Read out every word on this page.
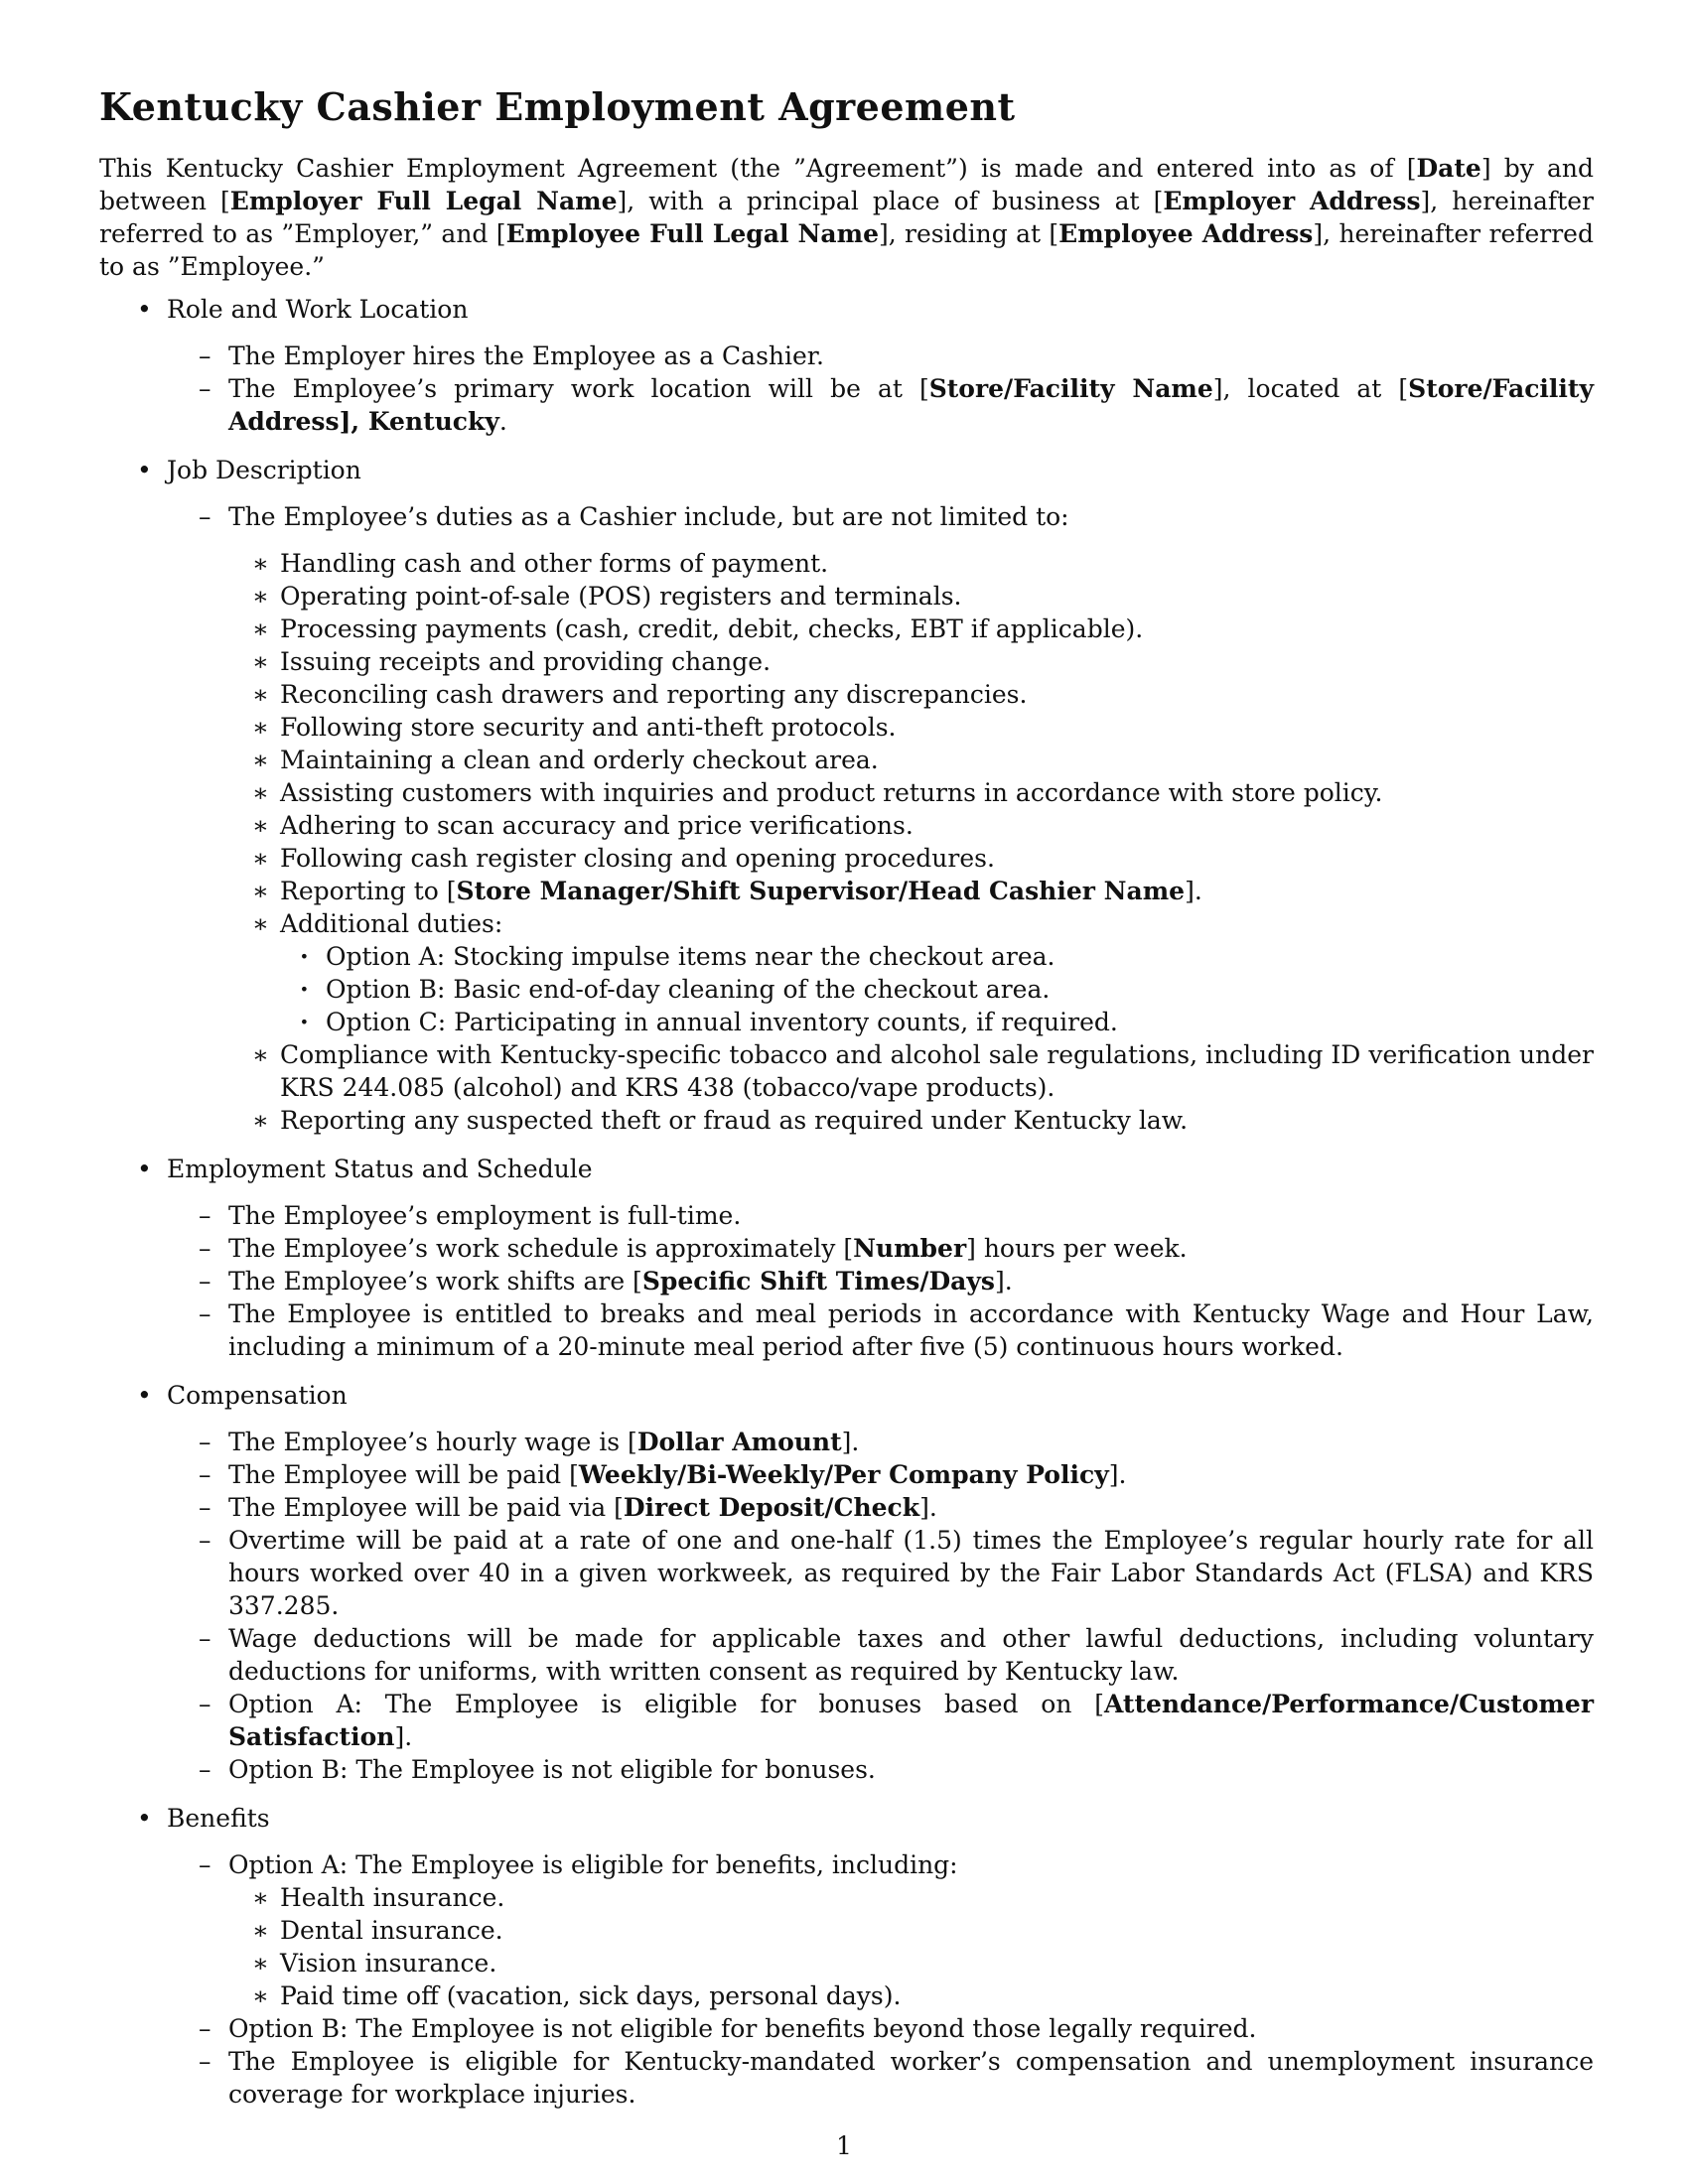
Kentucky Cashier Employment Agreement

This Kentucky Cashier Employment Agreement (the ”Agreement”) is made and entered into as of [Date] by and between [Employer Full Legal Name], with a principal place of business at [Employer Address], hereinafter referred to as ”Employer,” and [Employee Full Legal Name], residing at [Employee Address], hereinafter referred to as ”Employee.”

• Role and Work Location
– The Employer hires the Employee as a Cashier.
– The Employee’s primary work location will be at [Store/Facility Name], located at [Store/Facility Address], Kentucky.
• Job Description
– The Employee’s duties as a Cashier include, but are not limited to:
∗ Handling cash and other forms of payment.
∗ Operating point-of-sale (POS) registers and terminals.
∗ Processing payments (cash, credit, debit, checks, EBT if applicable).
∗ Issuing receipts and providing change.
∗ Reconciling cash drawers and reporting any discrepancies.
∗ Following store security and anti-theft protocols.
∗ Maintaining a clean and orderly checkout area.
∗ Assisting customers with inquiries and product returns in accordance with store policy.
∗ Adhering to scan accuracy and price verifications.
∗ Following cash register closing and opening procedures.
∗ Reporting to [Store Manager/Shift Supervisor/Head Cashier Name].
∗ Additional duties:
· Option A: Stocking impulse items near the checkout area.
· Option B: Basic end-of-day cleaning of the checkout area.
· Option C: Participating in annual inventory counts, if required.
∗ Compliance with Kentucky-specific tobacco and alcohol sale regulations, including ID verification under KRS 244.085 (alcohol) and KRS 438 (tobacco/vape products).
∗ Reporting any suspected theft or fraud as required under Kentucky law.
• Employment Status and Schedule
– The Employee’s employment is full-time.
– The Employee’s work schedule is approximately [Number] hours per week.
– The Employee’s work shifts are [Specific Shift Times/Days].
– The Employee is entitled to breaks and meal periods in accordance with Kentucky Wage and Hour Law, including a minimum of a 20-minute meal period after five (5) continuous hours worked.
• Compensation
– The Employee’s hourly wage is [Dollar Amount].
– The Employee will be paid [Weekly/Bi-Weekly/Per Company Policy].
– The Employee will be paid via [Direct Deposit/Check].
– Overtime will be paid at a rate of one and one-half (1.5) times the Employee’s regular hourly rate for all hours worked over 40 in a given workweek, as required by the Fair Labor Standards Act (FLSA) and KRS 337.285.
– Wage deductions will be made for applicable taxes and other lawful deductions, including voluntary deductions for uniforms, with written consent as required by Kentucky law.
– Option A: The Employee is eligible for bonuses based on [Attendance/Performance/Customer Satisfaction].
– Option B: The Employee is not eligible for bonuses.
• Benefits
– Option A: The Employee is eligible for benefits, including:
∗ Health insurance.
∗ Dental insurance.
∗ Vision insurance.
∗ Paid time off (vacation, sick days, personal days).
– Option B: The Employee is not eligible for benefits beyond those legally required.
– The Employee is eligible for Kentucky-mandated worker’s compensation and unemployment insurance coverage for workplace injuries.
1
